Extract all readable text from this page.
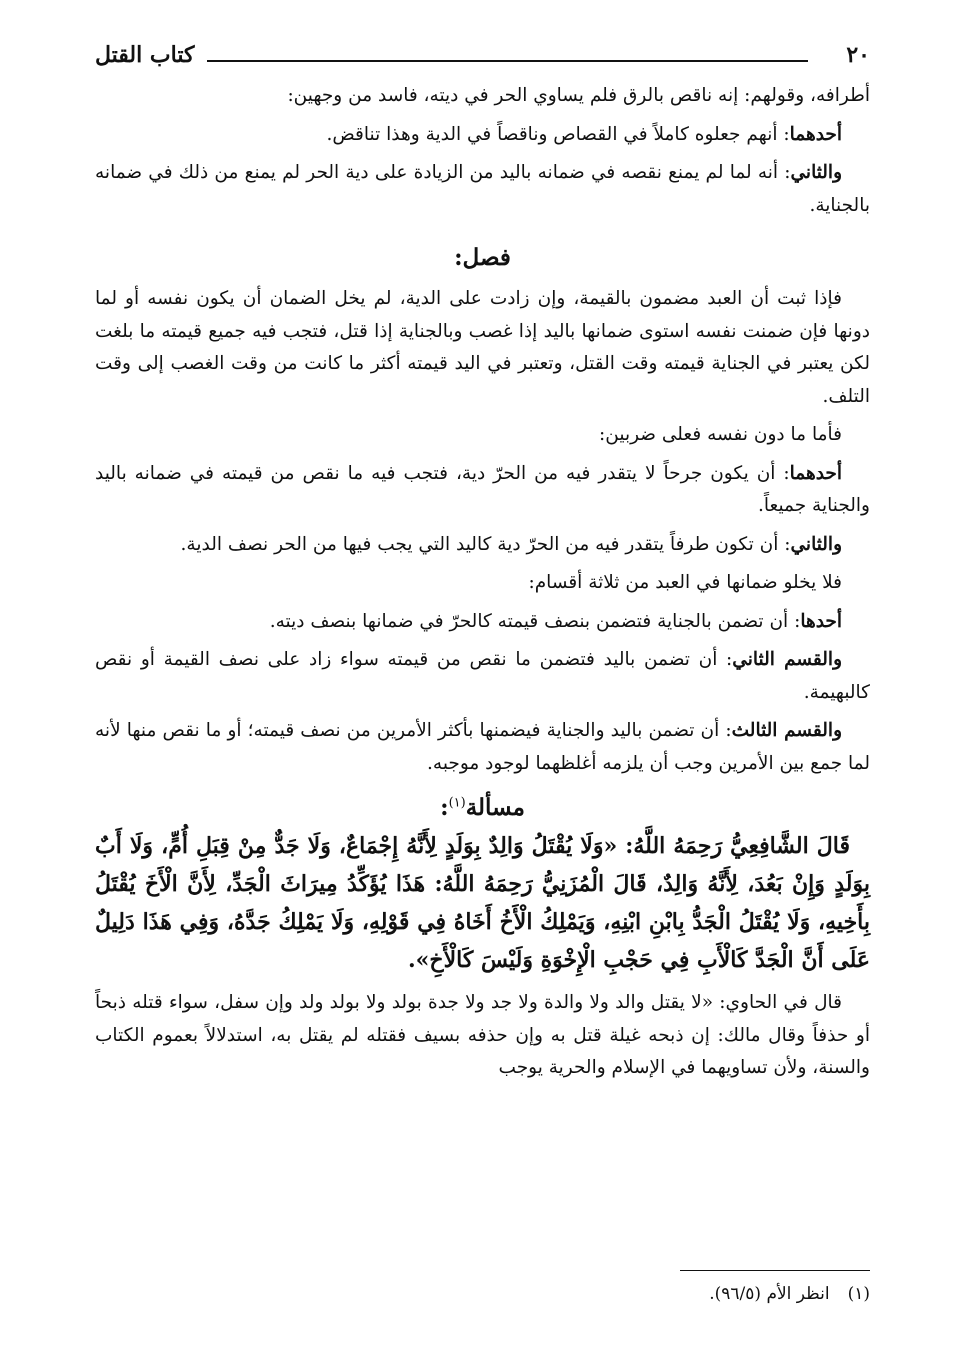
٢٠
كتاب القتل

أطرافه، وقولهم: إنه ناقص بالرق فلم يساوي الحر في ديته، فاسد من وجهين:

أحدهما: أنهم جعلوه كاملاً في القصاص وناقصاً في الدية وهذا تناقض.

والثاني: أنه لما لم يمنع نقصه في ضمانه باليد من الزيادة على دية الحر لم يمنع من ذلك في ضمانه بالجناية.

فصل:

فإذا ثبت أن العبد مضمون بالقيمة، وإن زادت على الدية، لم يخل الضمان أن يكون نفسه أو لما دونها فإن ضمنت نفسه استوى ضمانها باليد إذا غصب وبالجناية إذا قتل، فتجب فيه جميع قيمته ما بلغت لكن يعتبر في الجناية قيمته وقت القتل، وتعتبر في اليد قيمته أكثر ما كانت من وقت الغصب إلى وقت التلف.

فأما ما دون نفسه فعلى ضربين:

أحدهما: أن يكون جرحاً لا يتقدر فيه من الحرّ دية، فتجب فيه ما نقص من قيمته في ضمانه باليد والجناية جميعاً.

والثاني: أن تكون طرفاً يتقدر فيه من الحرّ دية كاليد التي يجب فيها من الحر نصف الدية.

فلا يخلو ضمانها في العبد من ثلاثة أقسام:

أحدها: أن تضمن بالجناية فتضمن بنصف قيمته كالحرّ في ضمانها بنصف ديته.

والقسم الثاني: أن تضمن باليد فتضمن ما نقص من قيمته سواء زاد على نصف القيمة أو نقص كالبهيمة.

والقسم الثالث: أن تضمن باليد والجناية فيضمنها بأكثر الأمرين من نصف قيمته؛ أو ما نقص منها لأنه لما جمع بين الأمرين وجب أن يلزمه أغلظهما لوجود موجبه.

مسألة$^{(١)}$:

قَالَ الشَّافِعِيُّ رَحِمَهُ اللَّهُ: «وَلَا يُقْتَلُ وَالِدٌ بِوَلَدٍ لِأَنَّهُ إِجْمَاعٌ، وَلَا جَدٌّ مِنْ قِبَلِ أُمٍّ، وَلَا أَبٌ بِوَلَدٍ وَإِنْ بَعُدَ، لِأَنَّهُ وَالِدٌ، قَالَ الْمُزَنِيُّ رَحِمَهُ اللَّهُ: هَذَا يُؤَكِّدُ مِيرَاثَ الْجَدِّ، لِأَنَّ الْأَخَ يُقْتَلُ بِأَخِيهِ، وَلَا يُقْتَلُ الْجَدُّ بِابْنِ ابْنِهِ، وَيَمْلِكُ الْأَخُ أَخَاهُ فِي قَوْلِهِ، وَلَا يَمْلِكُ جَدَّهُ، وَفِي هَذَا دَلِيلٌ عَلَى أَنَّ الْجَدَّ كَالْأَبِ فِي حَجْبِ الْإِخْوَةِ وَلَيْسَ كَالْأَخِ».

قال في الحاوي: «لا يقتل والد ولا والدة ولا جد ولا جدة بولد ولا بولد ولد وإن سفل، سواء قتله ذبحاً أو حذفاً وقال مالك: إن ذبحه غيلة قتل به وإن حذفه بسيف فقتله لم يقتل به، استدلالاً بعموم الكتاب والسنة، ولأن تساويهما في الإسلام والحرية يوجب

(١)انظر الأم (٩٦/٥).
